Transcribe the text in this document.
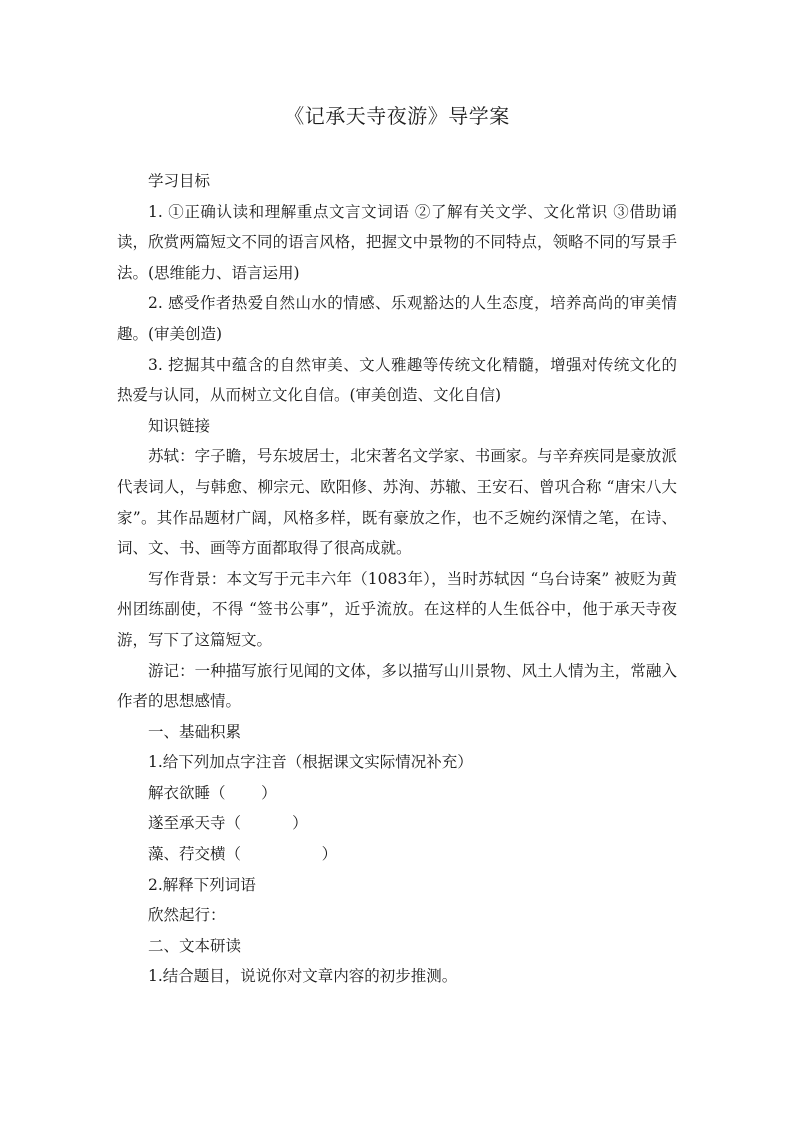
《记承天寺夜游》导学案

学习目标

1. ①正确认读和理解重点文言文词语 ②了解有关文学、文化常识 ③借助诵读，欣赏两篇短文不同的语言风格，把握文中景物的不同特点，领略不同的写景手法。(思维能力、语言运用)

2. 感受作者热爱自然山水的情感、乐观豁达的人生态度，培养高尚的审美情趣。(审美创造)

3. 挖掘其中蕴含的自然审美、文人雅趣等传统文化精髓，增强对传统文化的热爱与认同，从而树立文化自信。(审美创造、文化自信)

知识链接

苏轼：字子瞻，号东坡居士，北宋著名文学家、书画家。与辛弃疾同是豪放派代表词人，与韩愈、柳宗元、欧阳修、苏洵、苏辙、王安石、曾巩合称 “唐宋八大家”。其作品题材广阔，风格多样，既有豪放之作，也不乏婉约深情之笔，在诗、词、文、书、画等方面都取得了很高成就。

写作背景：本文写于元丰六年（1083年），当时苏轼因 “乌台诗案” 被贬为黄州团练副使，不得 “签书公事”，近乎流放。在这样的人生低谷中，他于承天寺夜游，写下了这篇短文。

游记：一种描写旅行见闻的文体，多以描写山川景物、风土人情为主，常融入作者的思想感情。

一、基础积累

1.给下列加点字注音（根据课文实际情况补充）

解衣欲睡（ ）

遂至承天寺（	）

藻、荇交横（	）

2.解释下列词语

欣然起行：

二、文本研读

1.结合题目，说说你对文章内容的初步推测。
